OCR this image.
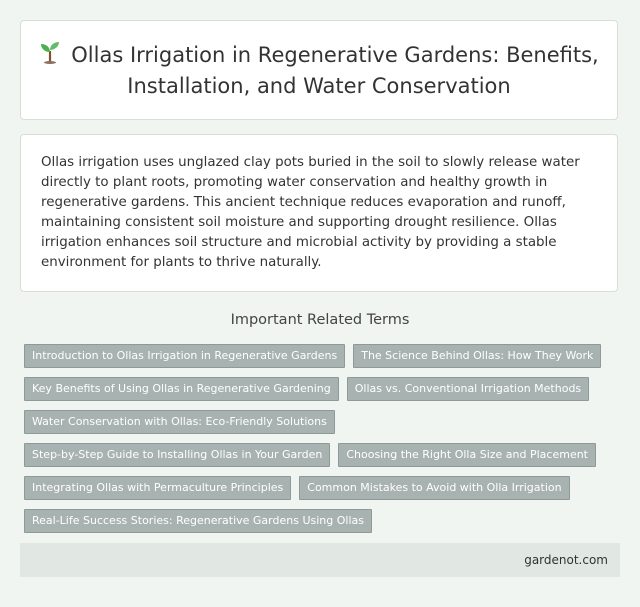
Ollas Irrigation in Regenerative Gardens: Benefits, Installation, and Water Conservation

Ollas irrigation uses unglazed clay pots buried in the soil to slowly release water directly to plant roots, promoting water conservation and healthy growth in regenerative gardens. This ancient technique reduces evaporation and runoff, maintaining consistent soil moisture and supporting drought resilience. Ollas irrigation enhances soil structure and microbial activity by providing a stable environment for plants to thrive naturally.

Important Related Terms
Introduction to Ollas Irrigation in Regenerative Gardens	The Science Behind Ollas: How They Work
Key Benefits of Using Ollas in Regenerative Gardening	Ollas vs. Conventional Irrigation Methods
Water Conservation with Ollas: Eco-Friendly Solutions
Step-by-Step Guide to Installing Ollas in Your Garden	Choosing the Right Olla Size and Placement
Integrating Ollas with Permaculture Principles	Common Mistakes to Avoid with Olla Irrigation
Real-Life Success Stories: Regenerative Gardens Using Ollas
gardenot.com
